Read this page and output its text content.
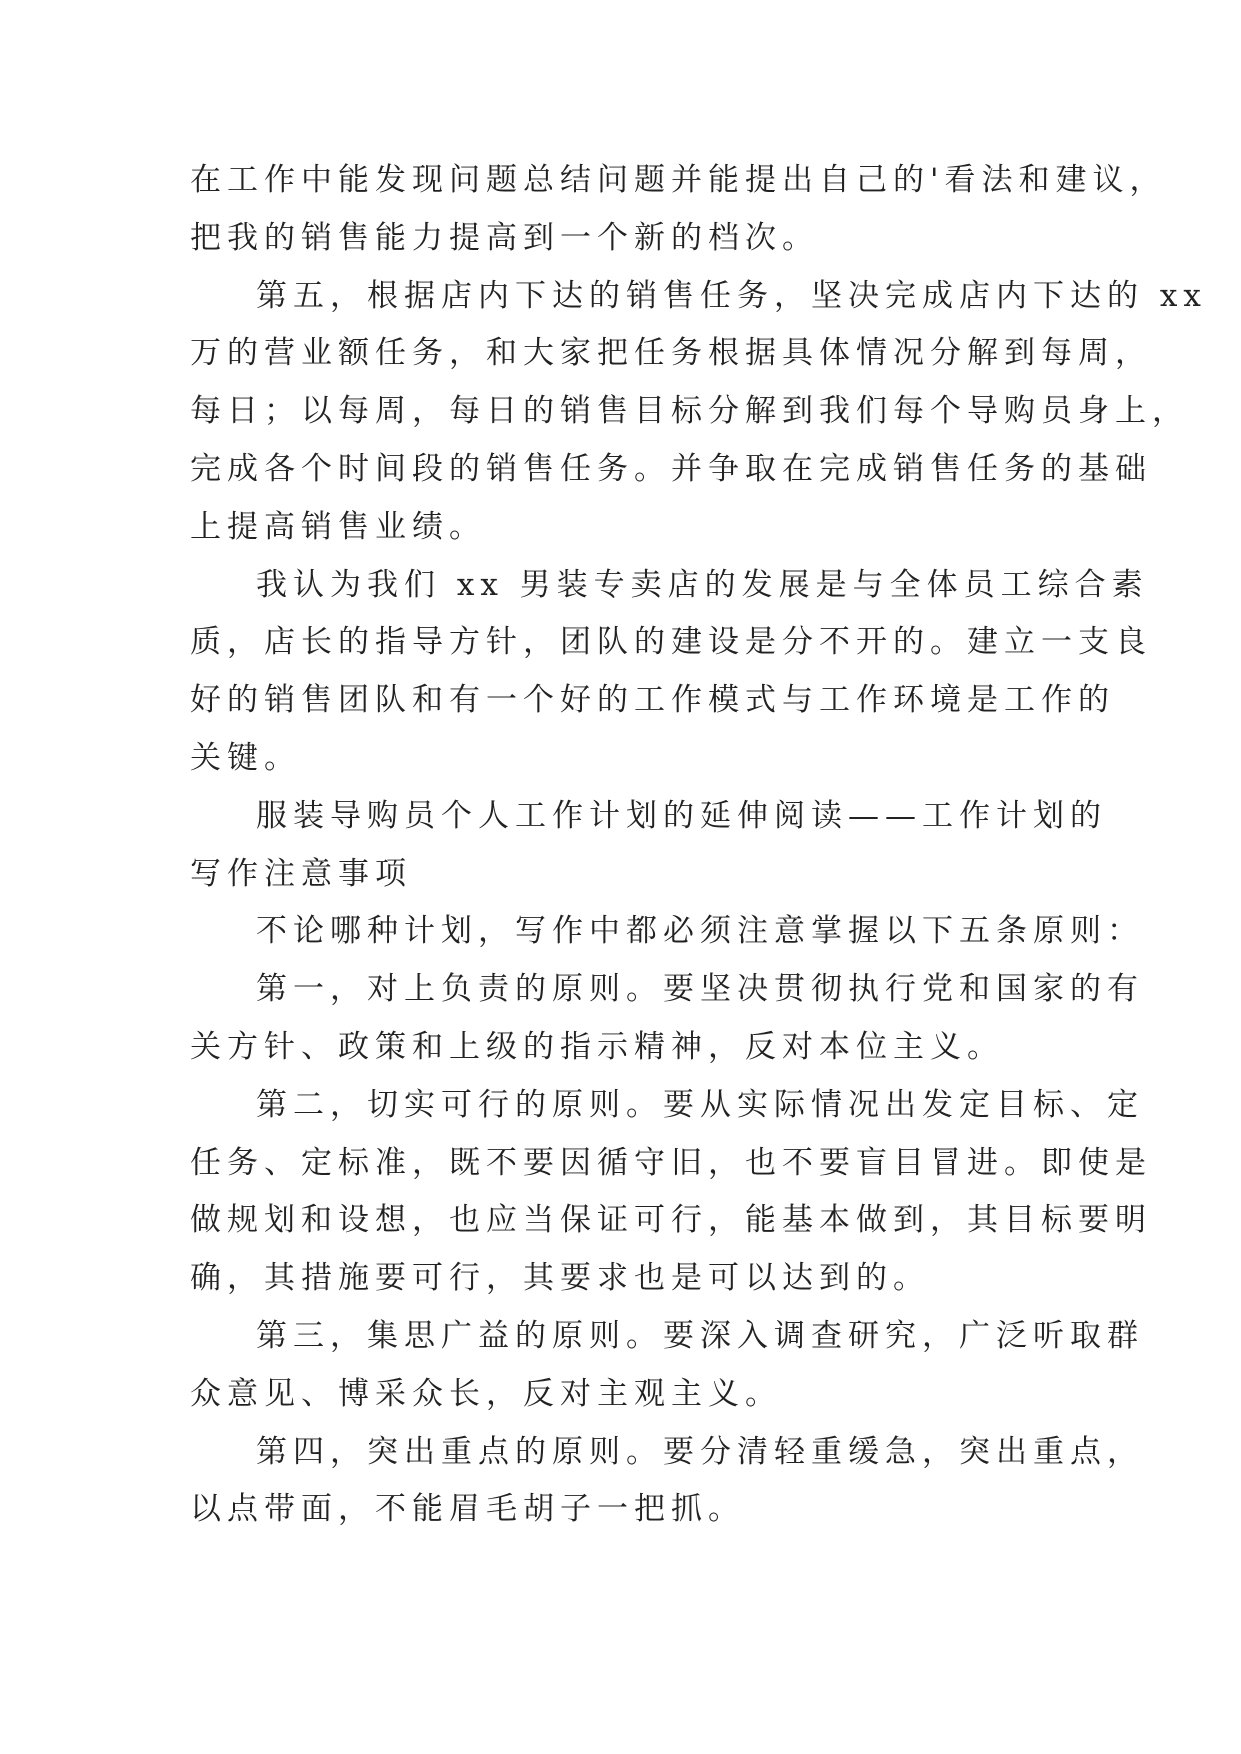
在工作中能发现问题总结问题并能提出自己的'看法和建议，
把我的销售能力提高到一个新的档次。
第五，根据店内下达的销售任务，坚决完成店内下达的 xx
万的营业额任务，和大家把任务根据具体情况分解到每周，
每日；以每周，每日的销售目标分解到我们每个导购员身上，
完成各个时间段的销售任务。并争取在完成销售任务的基础
上提高销售业绩。
我认为我们 xx 男装专卖店的发展是与全体员工综合素
质，店长的指导方针，团队的建设是分不开的。建立一支良
好的销售团队和有一个好的工作模式与工作环境是工作的
关键。
服装导购员个人工作计划的延伸阅读——工作计划的
写作注意事项
不论哪种计划，写作中都必须注意掌握以下五条原则：
第一，对上负责的原则。要坚决贯彻执行党和国家的有
关方针、政策和上级的指示精神，反对本位主义。
第二，切实可行的原则。要从实际情况出发定目标、定
任务、定标准，既不要因循守旧，也不要盲目冒进。即使是
做规划和设想，也应当保证可行，能基本做到，其目标要明
确，其措施要可行，其要求也是可以达到的。
第三，集思广益的原则。要深入调查研究，广泛听取群
众意见、博采众长，反对主观主义。
第四，突出重点的原则。要分清轻重缓急，突出重点，
以点带面，不能眉毛胡子一把抓。
